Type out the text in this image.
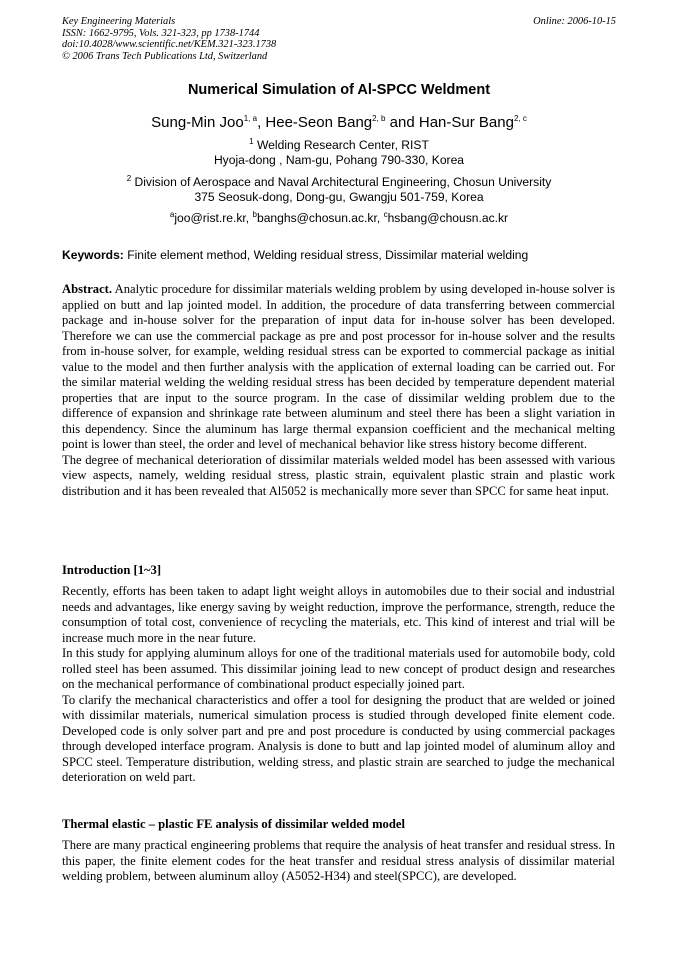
Key Engineering Materials
ISSN: 1662-9795, Vols. 321-323, pp 1738-1744
doi:10.4028/www.scientific.net/KEM.321-323.1738
© 2006 Trans Tech Publications Ltd, Switzerland
Online: 2006-10-15
Numerical Simulation of Al-SPCC Weldment
Sung-Min Joo$^{1, a}$, Hee-Seon Bang$^{2, b}$ and Han-Sur Bang$^{2, c}$
$^1$ Welding Research Center, RIST
Hyoja-dong , Nam-gu, Pohang 790-330, Korea
$^2$ Division of Aerospace and Naval Architectural Engineering, Chosun University
375 Seosuk-dong, Dong-gu, Gwangju 501-759, Korea
$^a$joo@rist.re.kr, $^b$banghs@chosun.ac.kr, $^c$hsbang@chousn.ac.kr
Keywords: Finite element method, Welding residual stress, Dissimilar material welding

Abstract. Analytic procedure for dissimilar materials welding problem by using developed in-house solver is applied on butt and lap jointed model. In addition, the procedure of data transferring between commercial package and in-house solver for the preparation of input data for in-house solver has been developed. Therefore we can use the commercial package as pre and post processor for in-house solver and the results from in-house solver, for example, welding residual stress can be exported to commercial package as initial value to the model and then further analysis with the application of external loading can be carried out. For the similar material welding the welding residual stress has been decided by temperature dependent material properties that are input to the source program. In the case of dissimilar welding problem due to the difference of expansion and shrinkage rate between aluminum and steel there has been a slight variation in this dependency. Since the aluminum has large thermal expansion coefficient and the mechanical melting point is lower than steel, the order and level of mechanical behavior like stress history become different.

The degree of mechanical deterioration of dissimilar materials welded model has been assessed with various view aspects, namely, welding residual stress, plastic strain, equivalent plastic strain and plastic work distribution and it has been revealed that Al5052 is mechanically more sever than SPCC for same heat input.

Introduction [1~3]

Recently, efforts has been taken to adapt light weight alloys in automobiles due to their social and industrial needs and advantages, like energy saving by weight reduction, improve the performance, strength, reduce the consumption of total cost, convenience of recycling the materials, etc. This kind of interest and trial will be increase much more in the near future.

In this study for applying aluminum alloys for one of the traditional materials used for automobile body, cold rolled steel has been assumed. This dissimilar joining lead to new concept of product design and researches on the mechanical performance of combinational product especially joined part.

To clarify the mechanical characteristics and offer a tool for designing the product that are welded or joined with dissimilar materials, numerical simulation process is studied through developed finite element code. Developed code is only solver part and pre and post procedure is conducted by using commercial packages through developed interface program. Analysis is done to butt and lap jointed model of aluminum alloy and SPCC steel. Temperature distribution, welding stress, and plastic strain are searched to judge the mechanical deterioration on weld part.

Thermal elastic – plastic FE analysis of dissimilar welded model

There are many practical engineering problems that require the analysis of heat transfer and residual stress. In this paper, the finite element codes for the heat transfer and residual stress analysis of dissimilar material welding problem, between aluminum alloy (A5052-H34) and steel(SPCC), are developed.
